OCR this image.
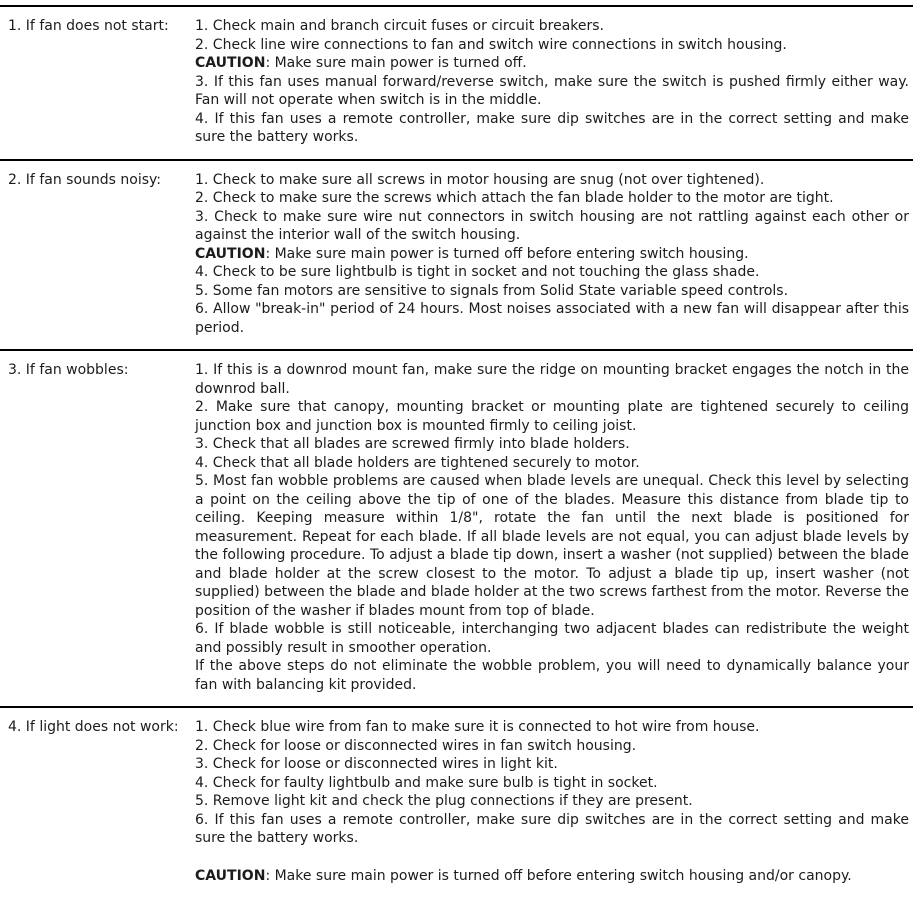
1. If fan does not start:	1. Check main and branch circuit fuses or circuit breakers.

2. Check line wire connections to fan and switch wire connections in switch housing.

CAUTION: Make sure main power is turned off.

3. If this fan uses manual forward/reverse switch, make sure the switch is pushed firmly either way. Fan will not operate when switch is in the middle.

4. If this fan uses a remote controller, make sure dip switches are in the correct setting and make sure the battery works.

2. If fan sounds noisy:	1. Check to make sure all screws in motor housing are snug (not over tightened).

2. Check to make sure the screws which attach the fan blade holder to the motor are tight.

3. Check to make sure wire nut connectors in switch housing are not rattling against each other or against the interior wall of the switch housing.

CAUTION: Make sure main power is turned off before entering switch housing.

4. Check to be sure lightbulb is tight in socket and not touching the glass shade.

5. Some fan motors are sensitive to signals from Solid State variable speed controls.

6. Allow "break-in" period of 24 hours. Most noises associated with a new fan will disappear after this period.

3. If fan wobbles:	1. If this is a downrod mount fan, make sure the ridge on mounting bracket engages the notch in the downrod ball.

2. Make sure that canopy, mounting bracket or mounting plate are tightened securely to ceiling junction box and junction box is mounted firmly to ceiling joist.

3. Check that all blades are screwed firmly into blade holders.

4. Check that all blade holders are tightened securely to motor.

5. Most fan wobble problems are caused when blade levels are unequal. Check this level by selecting a point on the ceiling above the tip of one of the blades. Measure this distance from blade tip to ceiling. Keeping measure within 1/8", rotate the fan until the next blade is positioned for measurement. Repeat for each blade. If all blade levels are not equal, you can adjust blade levels by the following procedure. To adjust a blade tip down, insert a washer (not supplied) between the blade and blade holder at the screw closest to the motor. To adjust a blade tip up, insert washer (not supplied) between the blade and blade holder at the two screws farthest from the motor. Reverse the position of the washer if blades mount from top of blade.

6. If blade wobble is still noticeable, interchanging two adjacent blades can redistribute the weight and possibly result in smoother operation.

If the above steps do not eliminate the wobble problem, you will need to dynamically balance your fan with balancing kit provided.

4. If light does not work:	1. Check blue wire from fan to make sure it is connected to hot wire from house.

2. Check for loose or disconnected wires in fan switch housing.

3. Check for loose or disconnected wires in light kit.

4. Check for faulty lightbulb and make sure bulb is tight in socket.

5. Remove light kit and check the plug connections if they are present.

6. If this fan uses a remote controller, make sure dip switches are in the correct setting and make sure the battery works.

CAUTION: Make sure main power is turned off before entering switch housing and/or canopy.
